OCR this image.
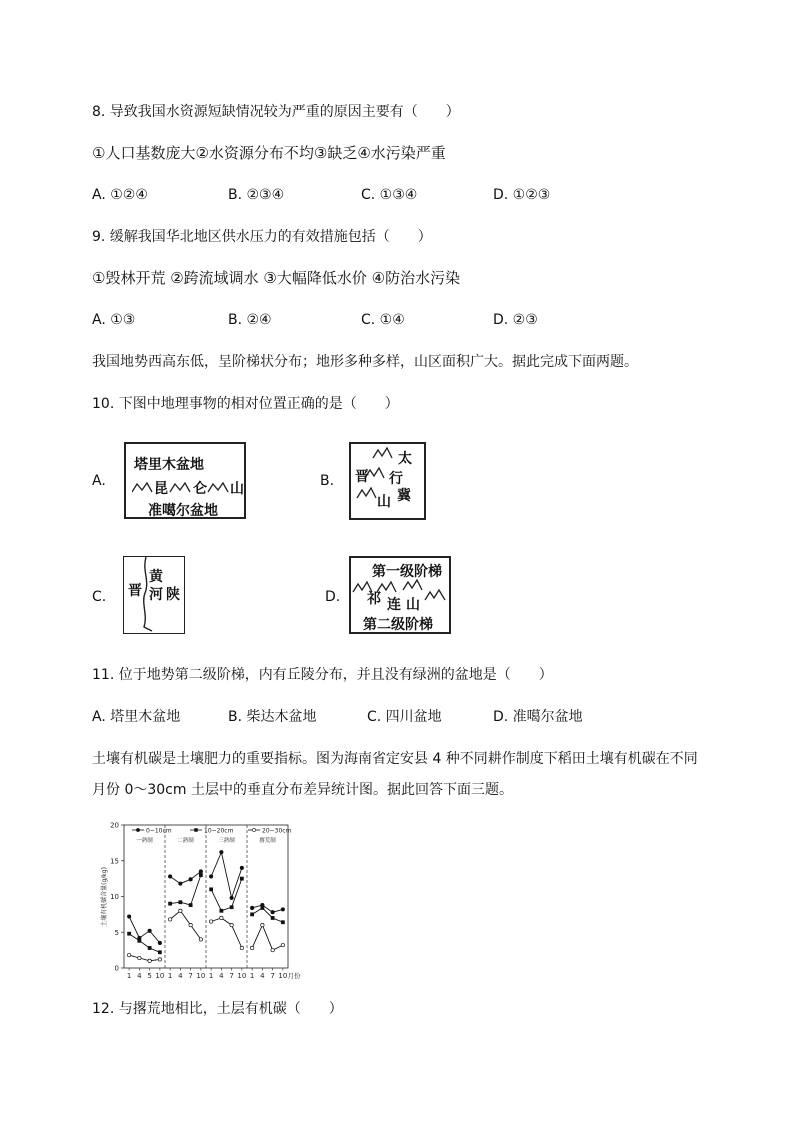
8. 导致我国水资源短缺情况较为严重的原因主要有（　　）
①人口基数庞大②水资源分布不均③缺乏④水污染严重
A. ①②④	B. ②③④	C. ①③④	D. ①②③
9. 缓解我国华北地区供水压力的有效措施包括（　　）
①毁林开荒 ②跨流域调水 ③大幅降低水价 ④防治水污染
A. ①③	B. ②④	C. ①④	D. ②③
我国地势西高东低，呈阶梯状分布；地形多种多样，山区面积广大。据此完成下面两题。
10. 下图中地理事物的相对位置正确的是（　　）
A.
塔里木盆地
昆 仑 山
准噶尔盆地
B.
太
行
晋
冀
山
C. 晋
黄
河 陕	D.
第一级阶梯
祁 连 山
第二级阶梯
11. 位于地势第二级阶梯，内有丘陵分布，并且没有绿洲的盆地是（　　）
A. 塔里木盆地	B. 柴达木盆地	C. 四川盆地	D. 准噶尔盆地
土壤有机碳是土壤肥力的重要指标。图为海南省定安县 4 种不同耕作制度下稻田土壤有机碳在不同
月份 0～30cm 土层中的垂直分布差异统计图。据此回答下面三题。
土壤有机碳含量(g/kg)
0
5
10
15
20
一熟制	二熟制	三熟制	撂荒制
1 4 5 10 1 4 7 10 1 4 7 10 1 4 7 10 月份
0~10cm	10~20cm	20~30cm
12. 与撂荒地相比，土层有机碳（　　）
